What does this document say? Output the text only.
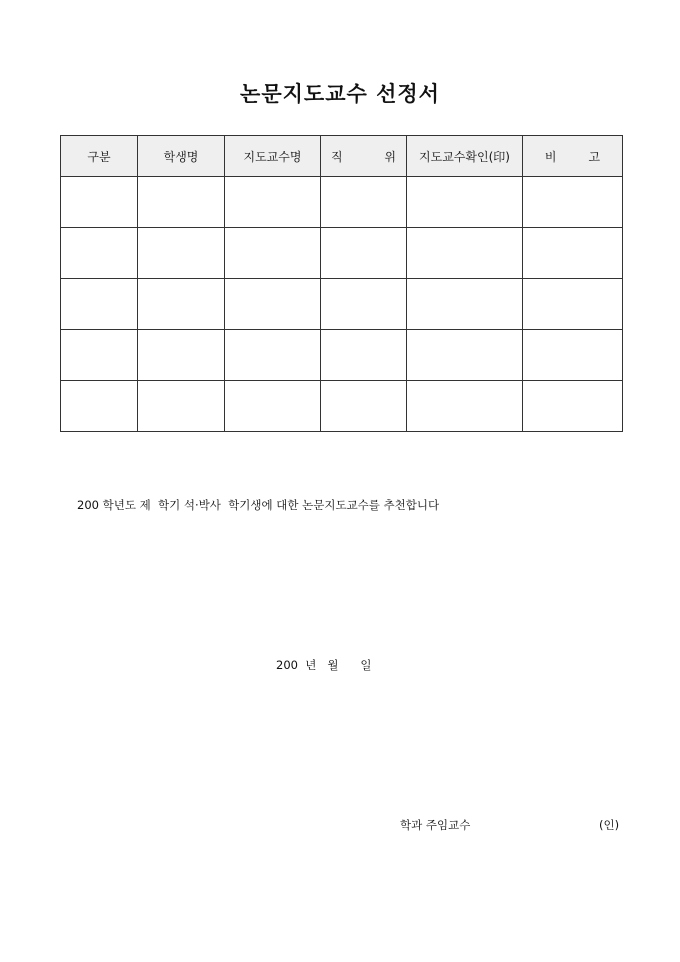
논문지도교수 선정서
구분	학생명	지도교수명	직 위	지도교수확인(印)	비 고

200 학년도 제  학기 석·박사  학기생에 대한 논문지도교수를 추천합니다
200  년   월      일
학과 주임교수	(인)
